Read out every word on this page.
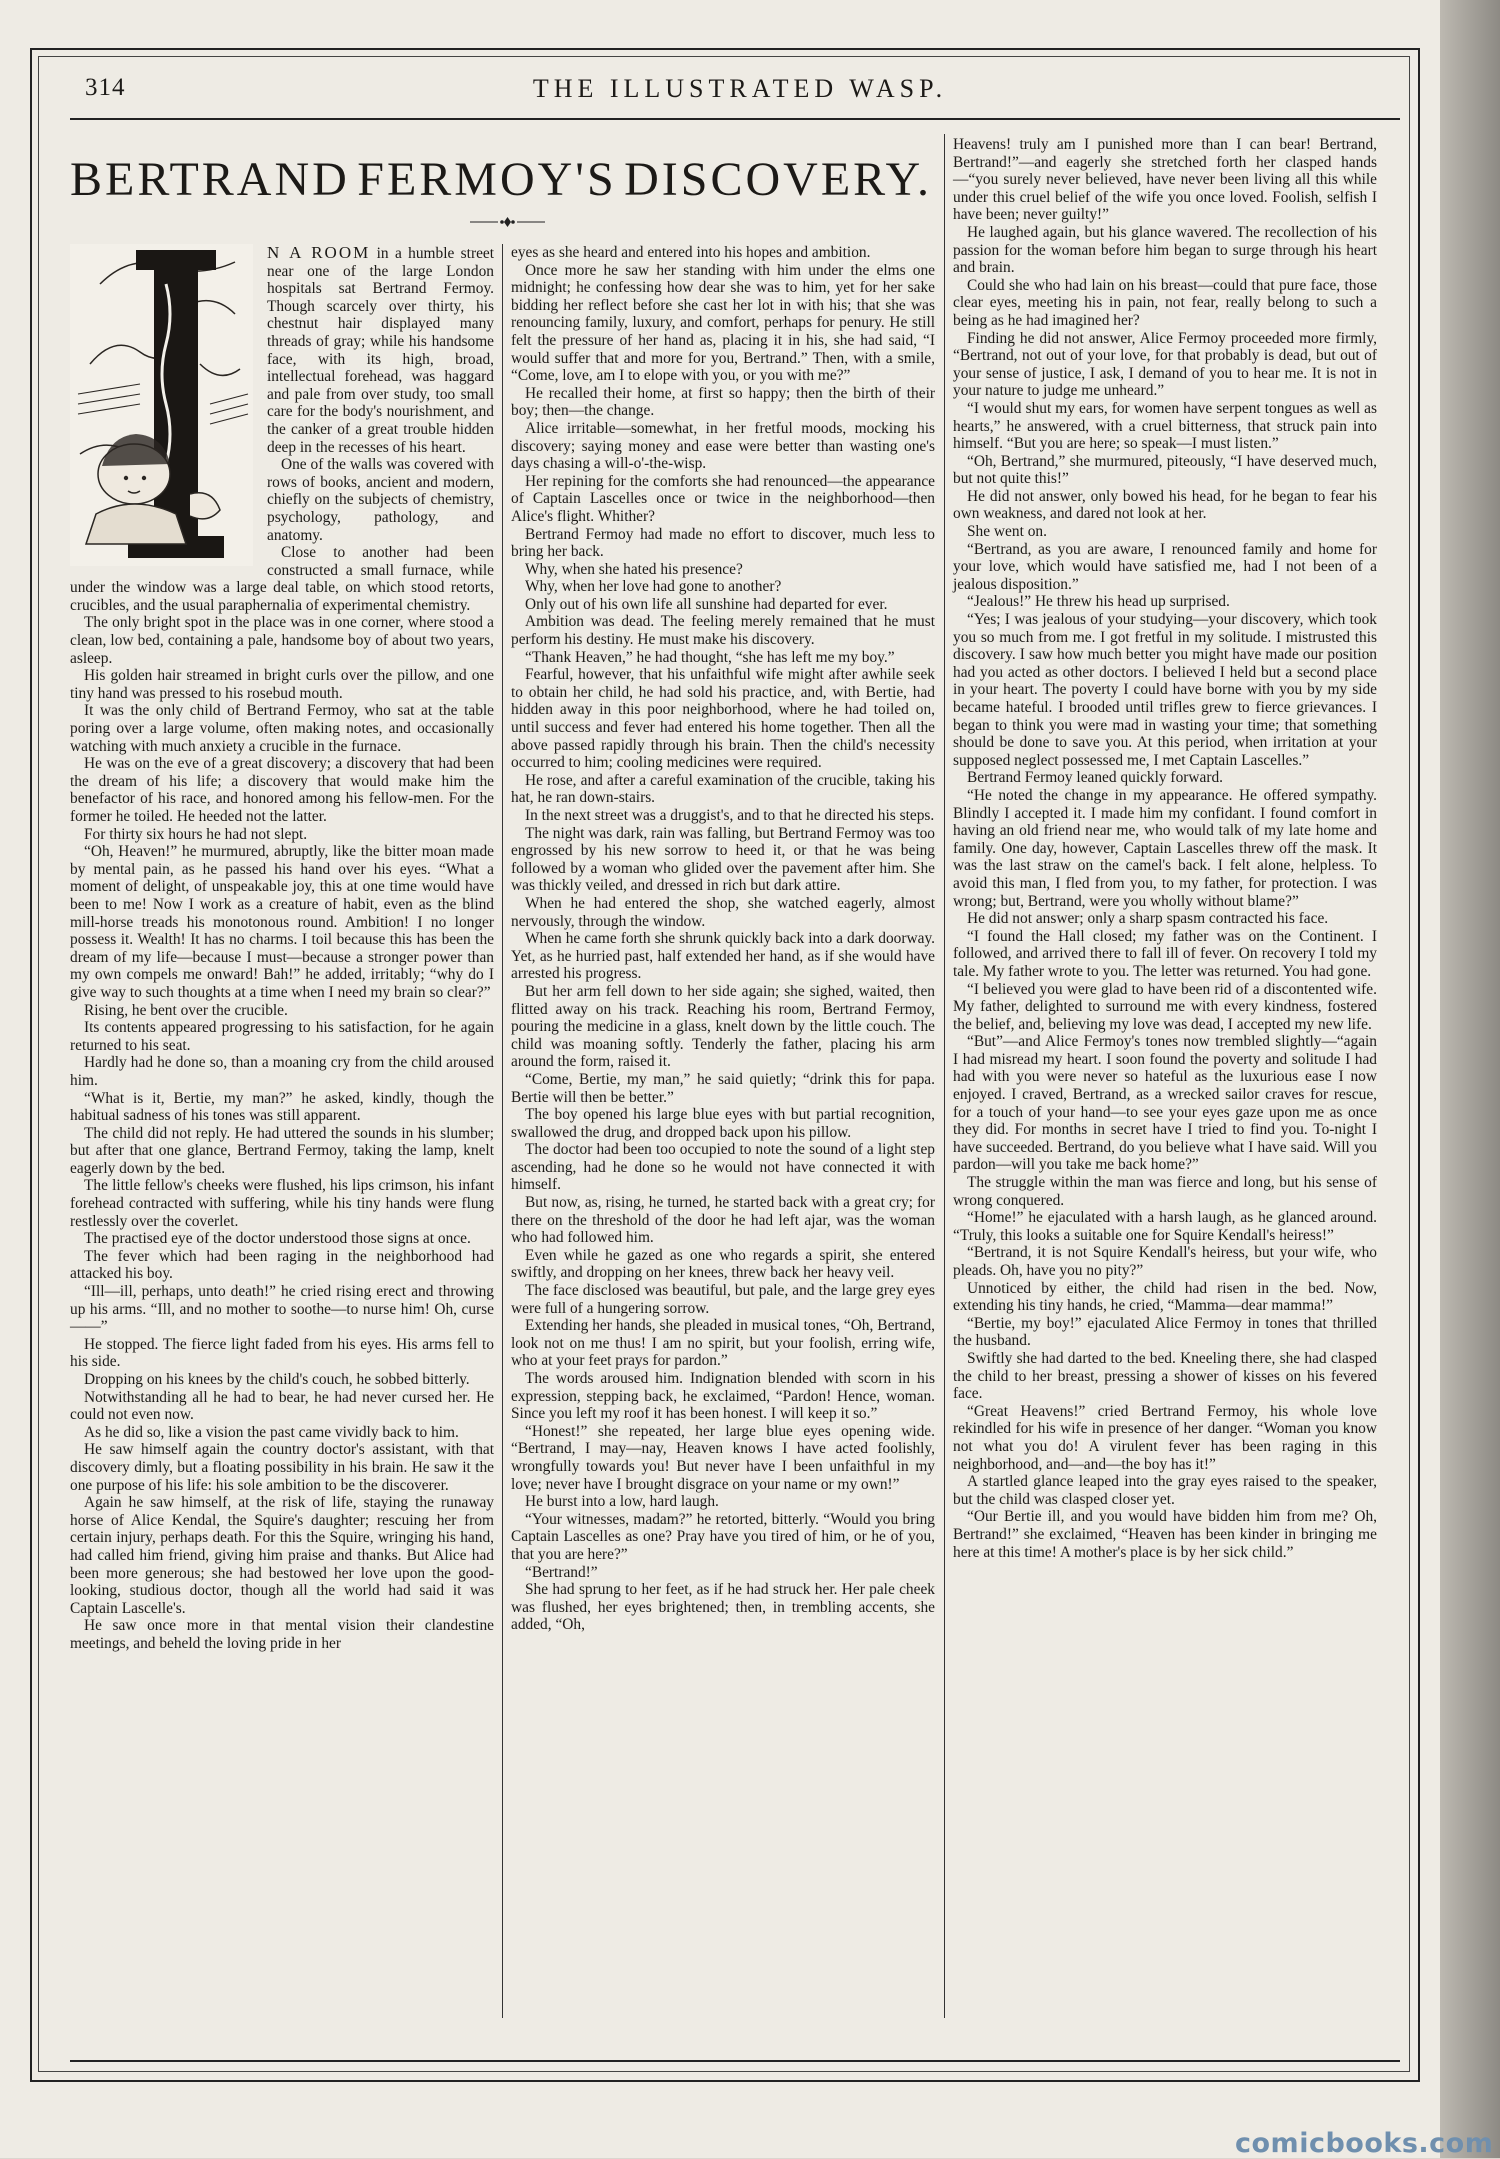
314	THE ILLUSTRATED WASP.
BERTRAND FERMOY'S DISCOVERY.

N A ROOM in a humble street near one of the large London hospitals sat Bertrand Fermoy. Though scarcely over thirty, his chestnut hair displayed many threads of gray; while his handsome face, with its high, broad, intellectual forehead, was haggard and pale from over study, too small care for the body's nourishment, and the canker of a great trouble hidden deep in the recesses of his heart.

One of the walls was covered with rows of books, ancient and modern, chiefly on the subjects of chemistry, psychology, pathology, and anatomy.

Close to another had been constructed a small furnace, while under the window was a large deal table, on which stood retorts, crucibles, and the usual paraphernalia of experimental chemistry.

The only bright spot in the place was in one corner, where stood a clean, low bed, containing a pale, handsome boy of about two years, asleep.

His golden hair streamed in bright curls over the pillow, and one tiny hand was pressed to his rosebud mouth.

It was the only child of Bertrand Fermoy, who sat at the table poring over a large volume, often making notes, and occasionally watching with much anxiety a crucible in the furnace.

He was on the eve of a great discovery; a discovery that had been the dream of his life; a discovery that would make him the benefactor of his race, and honored among his fellow-men. For the former he toiled. He heeded not the latter.

For thirty six hours he had not slept.

“Oh, Heaven!” he murmured, abruptly, like the bitter moan made by mental pain, as he passed his hand over his eyes. “What a moment of delight, of unspeakable joy, this at one time would have been to me! Now I work as a creature of habit, even as the blind mill-horse treads his monotonous round. Ambition! I no longer possess it. Wealth! It has no charms. I toil because this has been the dream of my life—because I must—because a stronger power than my own compels me onward! Bah!” he added, irritably; “why do I give way to such thoughts at a time when I need my brain so clear?”

Rising, he bent over the crucible.

Its contents appeared progressing to his satisfaction, for he again returned to his seat.

Hardly had he done so, than a moaning cry from the child aroused him.

“What is it, Bertie, my man?” he asked, kindly, though the habitual sadness of his tones was still apparent.

The child did not reply. He had uttered the sounds in his slumber; but after that one glance, Bertrand Fermoy, taking the lamp, knelt eagerly down by the bed.

The little fellow's cheeks were flushed, his lips crimson, his infant forehead contracted with suffering, while his tiny hands were flung restlessly over the coverlet.

The practised eye of the doctor understood those signs at once.

The fever which had been raging in the neighborhood had attacked his boy.

“Ill—ill, perhaps, unto death!” he cried rising erect and throwing up his arms. “Ill, and no mother to soothe—to nurse him! Oh, curse——”

He stopped. The fierce light faded from his eyes. His arms fell to his side.

Dropping on his knees by the child's couch, he sobbed bitterly.

Notwithstanding all he had to bear, he had never cursed her. He could not even now.

As he did so, like a vision the past came vividly back to him.

He saw himself again the country doctor's assistant, with that discovery dimly, but a floating possibility in his brain. He saw it the one purpose of his life: his sole ambition to be the discoverer.

Again he saw himself, at the risk of life, staying the runaway horse of Alice Kendal, the Squire's daughter; rescuing her from certain injury, perhaps death. For this the Squire, wringing his hand, had called him friend, giving him praise and thanks. But Alice had been more generous; she had bestowed her love upon the good-looking, studious doctor, though all the world had said it was Captain Lascelle's.

He saw once more in that mental vision their clandestine meetings, and beheld the loving pride in her

eyes as she heard and entered into his hopes and ambition.

Once more he saw her standing with him under the elms one midnight; he confessing how dear she was to him, yet for her sake bidding her reflect before she cast her lot in with his; that she was renouncing family, luxury, and comfort, perhaps for penury. He still felt the pressure of her hand as, placing it in his, she had said, “I would suffer that and more for you, Bertrand.” Then, with a smile, “Come, love, am I to elope with you, or you with me?”

He recalled their home, at first so happy; then the birth of their boy; then—the change.

Alice irritable—somewhat, in her fretful moods, mocking his discovery; saying money and ease were better than wasting one's days chasing a will-o'-the-wisp.

Her repining for the comforts she had renounced—the appearance of Captain Lascelles once or twice in the neighborhood—then Alice's flight. Whither?

Bertrand Fermoy had made no effort to discover, much less to bring her back.

Why, when she hated his presence?

Why, when her love had gone to another?

Only out of his own life all sunshine had departed for ever.

Ambition was dead. The feeling merely remained that he must perform his destiny. He must make his discovery.

“Thank Heaven,” he had thought, “she has left me my boy.”

Fearful, however, that his unfaithful wife might after awhile seek to obtain her child, he had sold his practice, and, with Bertie, had hidden away in this poor neighborhood, where he had toiled on, until success and fever had entered his home together. Then all the above passed rapidly through his brain. Then the child's necessity occurred to him; cooling medicines were required.

He rose, and after a careful examination of the crucible, taking his hat, he ran down-stairs.

In the next street was a druggist's, and to that he directed his steps.

The night was dark, rain was falling, but Bertrand Fermoy was too engrossed by his new sorrow to heed it, or that he was being followed by a woman who glided over the pavement after him. She was thickly veiled, and dressed in rich but dark attire.

When he had entered the shop, she watched eagerly, almost nervously, through the window.

When he came forth she shrunk quickly back into a dark doorway. Yet, as he hurried past, half extended her hand, as if she would have arrested his progress.

But her arm fell down to her side again; she sighed, waited, then flitted away on his track. Reaching his room, Bertrand Fermoy, pouring the medicine in a glass, knelt down by the little couch. The child was moaning softly. Tenderly the father, placing his arm around the form, raised it.

“Come, Bertie, my man,” he said quietly; “drink this for papa. Bertie will then be better.”

The boy opened his large blue eyes with but partial recognition, swallowed the drug, and dropped back upon his pillow.

The doctor had been too occupied to note the sound of a light step ascending, had he done so he would not have connected it with himself.

But now, as, rising, he turned, he started back with a great cry; for there on the threshold of the door he had left ajar, was the woman who had followed him.

Even while he gazed as one who regards a spirit, she entered swiftly, and dropping on her knees, threw back her heavy veil.

The face disclosed was beautiful, but pale, and the large grey eyes were full of a hungering sorrow.

Extending her hands, she pleaded in musical tones, “Oh, Bertrand, look not on me thus! I am no spirit, but your foolish, erring wife, who at your feet prays for pardon.”

The words aroused him. Indignation blended with scorn in his expression, stepping back, he exclaimed, “Pardon! Hence, woman. Since you left my roof it has been honest. I will keep it so.”

“Honest!” she repeated, her large blue eyes opening wide. “Bertrand, I may—nay, Heaven knows I have acted foolishly, wrongfully towards you! But never have I been unfaithful in my love; never have I brought disgrace on your name or my own!”

He burst into a low, hard laugh.

“Your witnesses, madam?” he retorted, bitterly. “Would you bring Captain Lascelles as one? Pray have you tired of him, or he of you, that you are here?”

“Bertrand!”

She had sprung to her feet, as if he had struck her. Her pale cheek was flushed, her eyes brightened; then, in trembling accents, she added, “Oh,

Heavens! truly am I punished more than I can bear! Bertrand, Bertrand!”—and eagerly she stretched forth her clasped hands—“you surely never believed, have never been living all this while under this cruel belief of the wife you once loved. Foolish, selfish I have been; never guilty!”

He laughed again, but his glance wavered. The recollection of his passion for the woman before him began to surge through his heart and brain.

Could she who had lain on his breast—could that pure face, those clear eyes, meeting his in pain, not fear, really belong to such a being as he had imagined her?

Finding he did not answer, Alice Fermoy proceeded more firmly, “Bertrand, not out of your love, for that probably is dead, but out of your sense of justice, I ask, I demand of you to hear me. It is not in your nature to judge me unheard.”

“I would shut my ears, for women have serpent tongues as well as hearts,” he answered, with a cruel bitterness, that struck pain into himself. “But you are here; so speak—I must listen.”

“Oh, Bertrand,” she murmured, piteously, “I have deserved much, but not quite this!”

He did not answer, only bowed his head, for he began to fear his own weakness, and dared not look at her.

She went on.

“Bertrand, as you are aware, I renounced family and home for your love, which would have satisfied me, had I not been of a jealous disposition.”

“Jealous!” He threw his head up surprised.

“Yes; I was jealous of your studying—your discovery, which took you so much from me. I got fretful in my solitude. I mistrusted this discovery. I saw how much better you might have made our position had you acted as other doctors. I believed I held but a second place in your heart. The poverty I could have borne with you by my side became hateful. I brooded until trifles grew to fierce grievances. I began to think you were mad in wasting your time; that something should be done to save you. At this period, when irritation at your supposed neglect possessed me, I met Captain Lascelles.”

Bertrand Fermoy leaned quickly forward.

“He noted the change in my appearance. He offered sympathy. Blindly I accepted it. I made him my confidant. I found comfort in having an old friend near me, who would talk of my late home and family. One day, however, Captain Lascelles threw off the mask. It was the last straw on the camel's back. I felt alone, helpless. To avoid this man, I fled from you, to my father, for protection. I was wrong; but, Bertrand, were you wholly without blame?”

He did not answer; only a sharp spasm contracted his face.

“I found the Hall closed; my father was on the Continent. I followed, and arrived there to fall ill of fever. On recovery I told my tale. My father wrote to you. The letter was returned. You had gone.

“I believed you were glad to have been rid of a discontented wife. My father, delighted to surround me with every kindness, fostered the belief, and, believing my love was dead, I accepted my new life.

“But”—and Alice Fermoy's tones now trembled slightly—“again I had misread my heart. I soon found the poverty and solitude I had had with you were never so hateful as the luxurious ease I now enjoyed. I craved, Bertrand, as a wrecked sailor craves for rescue, for a touch of your hand—to see your eyes gaze upon me as once they did. For months in secret have I tried to find you. To-night I have succeeded. Bertrand, do you believe what I have said. Will you pardon—will you take me back home?”

The struggle within the man was fierce and long, but his sense of wrong conquered.

“Home!” he ejaculated with a harsh laugh, as he glanced around. “Truly, this looks a suitable one for Squire Kendall's heiress!”

“Bertrand, it is not Squire Kendall's heiress, but your wife, who pleads. Oh, have you no pity?”

Unnoticed by either, the child had risen in the bed. Now, extending his tiny hands, he cried, “Mamma—dear mamma!”

“Bertie, my boy!” ejaculated Alice Fermoy in tones that thrilled the husband.

Swiftly she had darted to the bed. Kneeling there, she had clasped the child to her breast, pressing a shower of kisses on his fevered face.

“Great Heavens!” cried Bertrand Fermoy, his whole love rekindled for his wife in presence of her danger. “Woman you know not what you do! A virulent fever has been raging in this neighborhood, and—and—the boy has it!”

A startled glance leaped into the gray eyes raised to the speaker, but the child was clasped closer yet.

“Our Bertie ill, and you would have bidden him from me? Oh, Bertrand!” she exclaimed, “Heaven has been kinder in bringing me here at this time! A mother's place is by her sick child.”

comicbooks.com
